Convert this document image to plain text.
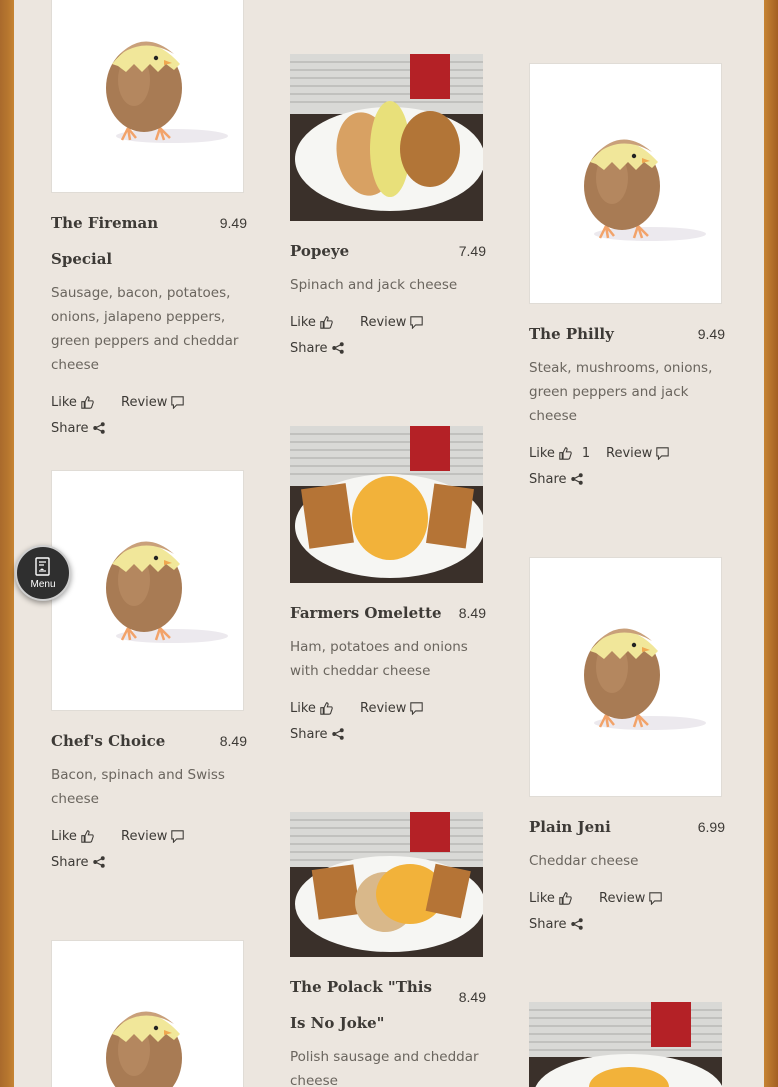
The Fireman Special
9.49
Sausage, bacon, potatoes, onions, jalapeno peppers, green peppers and cheddar cheese
Like	Review
Share
Chef's Choice	8.49
Bacon, spinach and Swiss cheese
Like	Review
Share
Popeye	7.49
Spinach and jack cheese
Like	Review
Share
Farmers Omelette	8.49
Ham, potatoes and onions with cheddar cheese
Like	Review
Share
The Polack "This Is No Joke"
8.49
Polish sausage and cheddar cheese
The Philly	9.49
Steak, mushrooms, onions, green peppers and jack cheese
Like 1 Review
Share
Plain Jeni	6.99
Cheddar cheese
Like	Review
Share
Menu
